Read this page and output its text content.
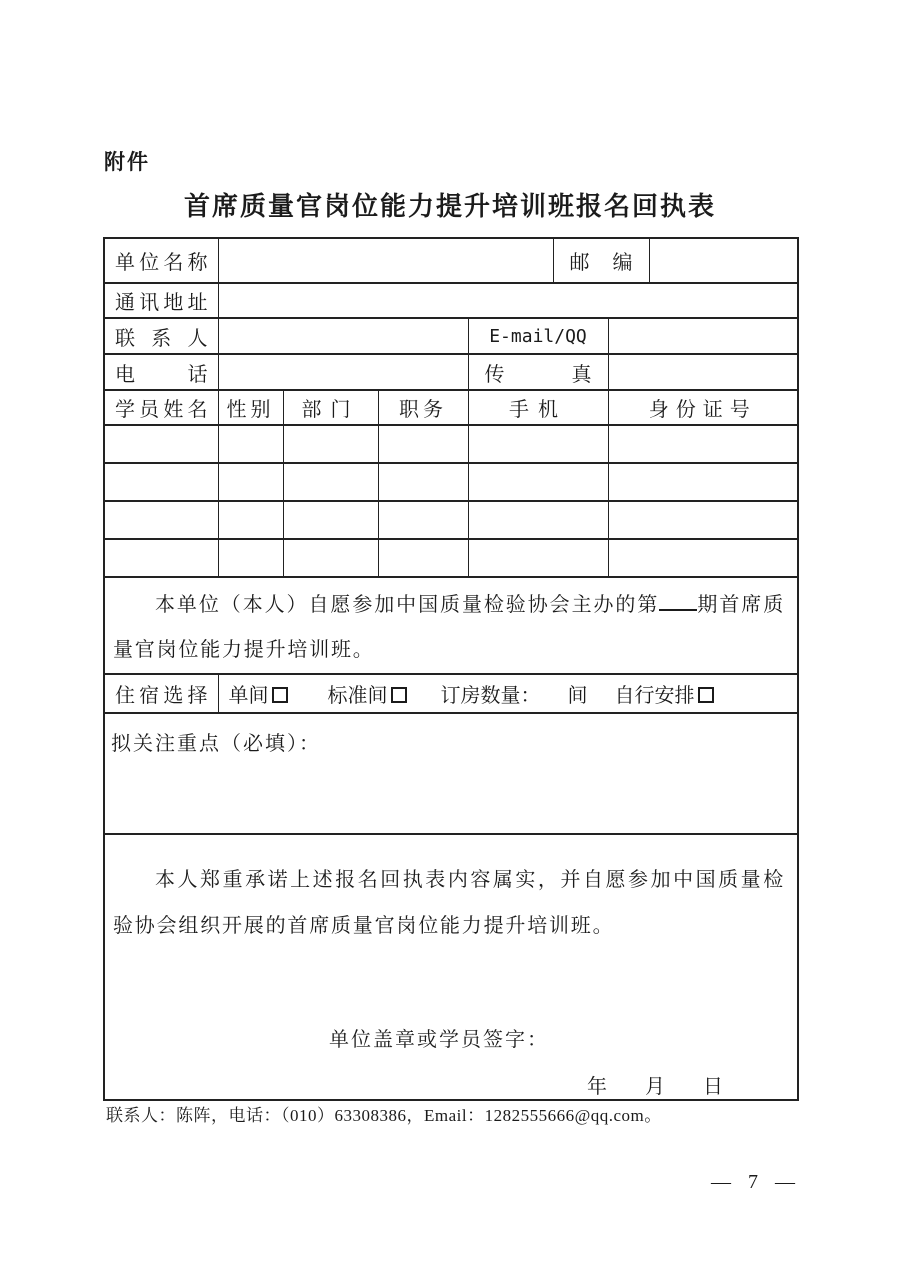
附件
首席质量官岗位能力提升培训班报名回执表
单位名称					邮编		
通讯地址							
联系人				E-mail/QQ			
电话				传真			
学员姓名	性别	部门	职务	手机		身份证号	

本单位（本人）自愿参加中国质量检验协会主办的第 期首席质量官岗位能力提升培训班。							

住宿选择	单间 标准间 订房数量： 间 自行安排						
拟关注重点（必填）：							

本人郑重承诺上述报名回执表内容属实，并自愿参加中国质量检验协会组织开展的首席质量官岗位能力提升培训班。

单位盖章或学员签字：
年 月 日							
联系人：陈阵，电话：（010）63308386，Email：1282555666@qq.com。
— 7 —
